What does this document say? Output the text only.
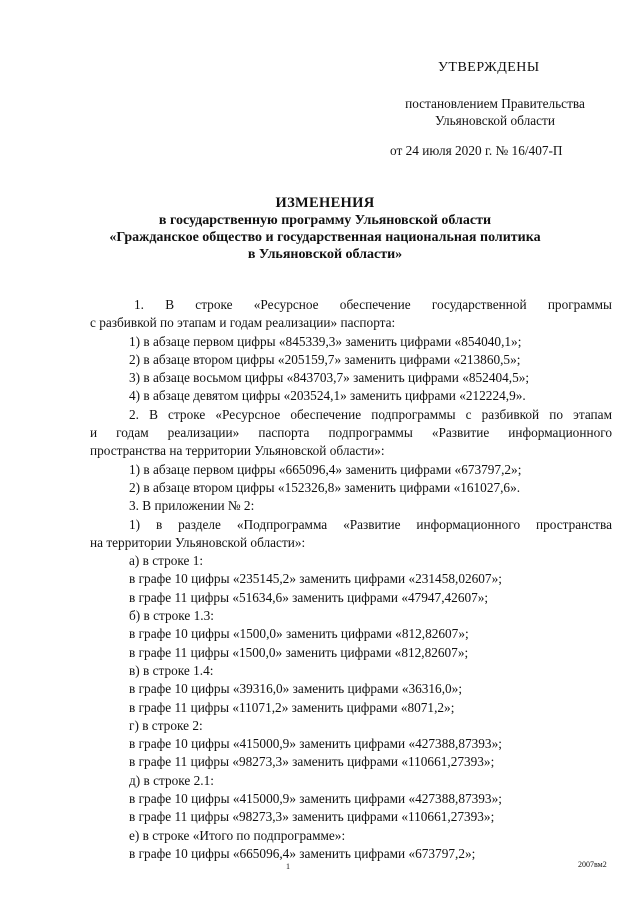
УТВЕРЖДЕНЫ
постановлением Правительства
Ульяновской области
от 24 июля 2020 г. № 16/407-П
ИЗМЕНЕНИЯ
в государственную программу Ульяновской области
«Гражданское общество и государственная национальная политика
в Ульяновской области»
1. В строке «Ресурсное обеспечение государственной программы
с разбивкой по этапам и годам реализации» паспорта:
1) в абзаце первом цифры «845339,3» заменить цифрами «854040,1»;
2) в абзаце втором цифры «205159,7» заменить цифрами «213860,5»;
3) в абзаце восьмом цифры «843703,7» заменить цифрами «852404,5»;
4) в абзаце девятом цифры «203524,1» заменить цифрами «212224,9».
2. В строке «Ресурсное обеспечение подпрограммы с разбивкой по этапам
и годам реализации» паспорта подпрограммы «Развитие информационного
пространства на территории Ульяновской области»:
1) в абзаце первом цифры «665096,4» заменить цифрами «673797,2»;
2) в абзаце втором цифры «152326,8» заменить цифрами «161027,6».
3. В приложении № 2:
1) в разделе «Подпрограмма «Развитие информационного пространства
на территории Ульяновской области»:
а) в строке 1:
в графе 10 цифры «235145,2» заменить цифрами «231458,02607»;
в графе 11 цифры «51634,6» заменить цифрами «47947,42607»;
б) в строке 1.3:
в графе 10 цифры «1500,0» заменить цифрами «812,82607»;
в графе 11 цифры «1500,0» заменить цифрами «812,82607»;
в) в строке 1.4:
в графе 10 цифры «39316,0» заменить цифрами «36316,0»;
в графе 11 цифры «11071,2» заменить цифрами «8071,2»;
г) в строке 2:
в графе 10 цифры «415000,9» заменить цифрами «427388,87393»;
в графе 11 цифры «98273,3» заменить цифрами «110661,27393»;
д) в строке 2.1:
в графе 10 цифры «415000,9» заменить цифрами «427388,87393»;
в графе 11 цифры «98273,3» заменить цифрами «110661,27393»;
е) в строке «Итого по подпрограмме»:
в графе 10 цифры «665096,4» заменить цифрами «673797,2»;
1	2007вм2
